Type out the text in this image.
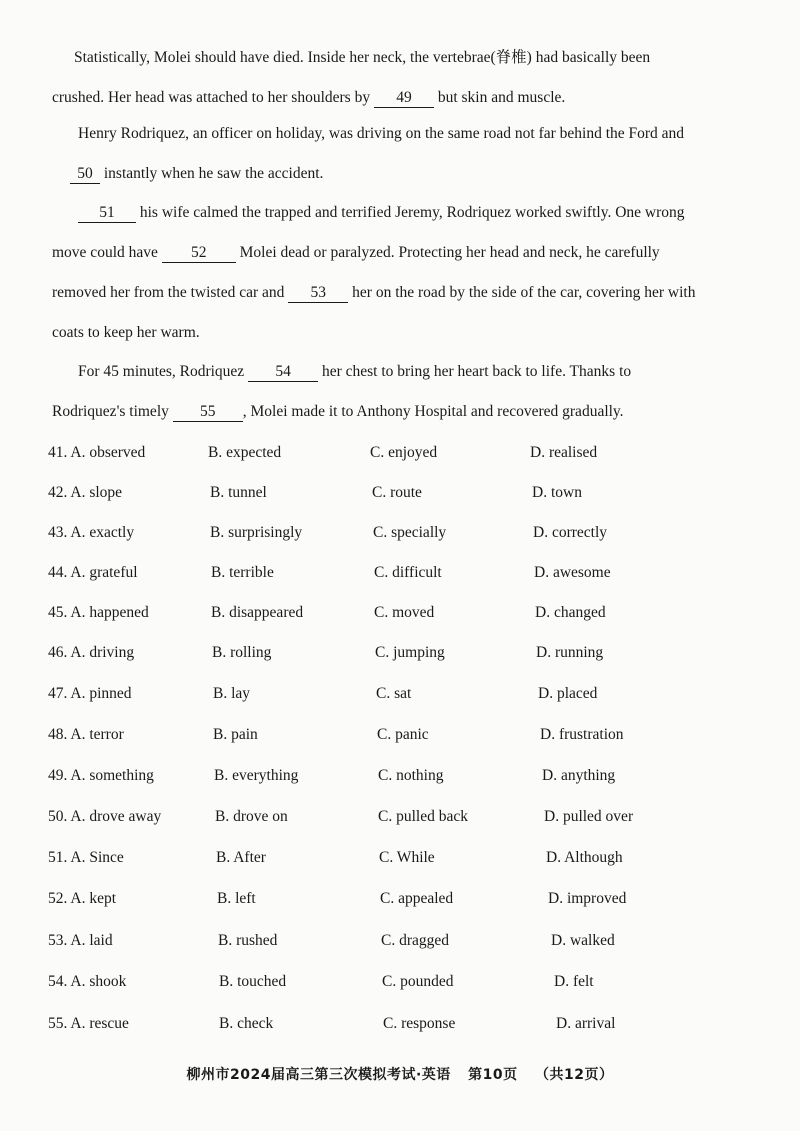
Statistically, Molei should have died. Inside her neck, the vertebrae(脊椎) had basically been
crushed. Her head was attached to her shoulders by 49 but skin and muscle.

Henry Rodriquez, an officer on holiday, was driving on the same road not far behind the Ford and
50 instantly when he saw the accident.

51 his wife calmed the trapped and terrified Jeremy, Rodriquez worked swiftly. One wrong
move could have 52 Molei dead or paralyzed. Protecting her head and neck, he carefully
removed her from the twisted car and 53 her on the road by the side of the car, covering her with
coats to keep her warm.

For 45 minutes, Rodriquez 54 her chest to bring her heart back to life. Thanks to
Rodriquez's timely 55 , Molei made it to Anthony Hospital and recovered gradually.

41. A. observed	B. expected	C. enjoyed	D. realised
42. A. slope	B. tunnel	C. route	D. town
43. A. exactly	B. surprisingly	C. specially	D. correctly
44. A. grateful	B. terrible	C. difficult	D. awesome
45. A. happened	B. disappeared	C. moved	D. changed
46. A. driving	B. rolling	C. jumping	D. running
47. A. pinned	B. lay	C. sat	D. placed
48. A. terror	B. pain	C. panic	D. frustration
49. A. something	B. everything	C. nothing	D. anything
50. A. drove away	B. drove on	C. pulled back	D. pulled over
51. A. Since	B. After	C. While	D. Although
52. A. kept	B. left	C. appealed	D. improved
53. A. laid	B. rushed	C. dragged	D. walked
54. A. shook	B. touched	C. pounded	D. felt
55. A. rescue	B. check	C. response	D. arrival
柳州市2024届高三第三次模拟考试·英语 第10页 （共12页）
